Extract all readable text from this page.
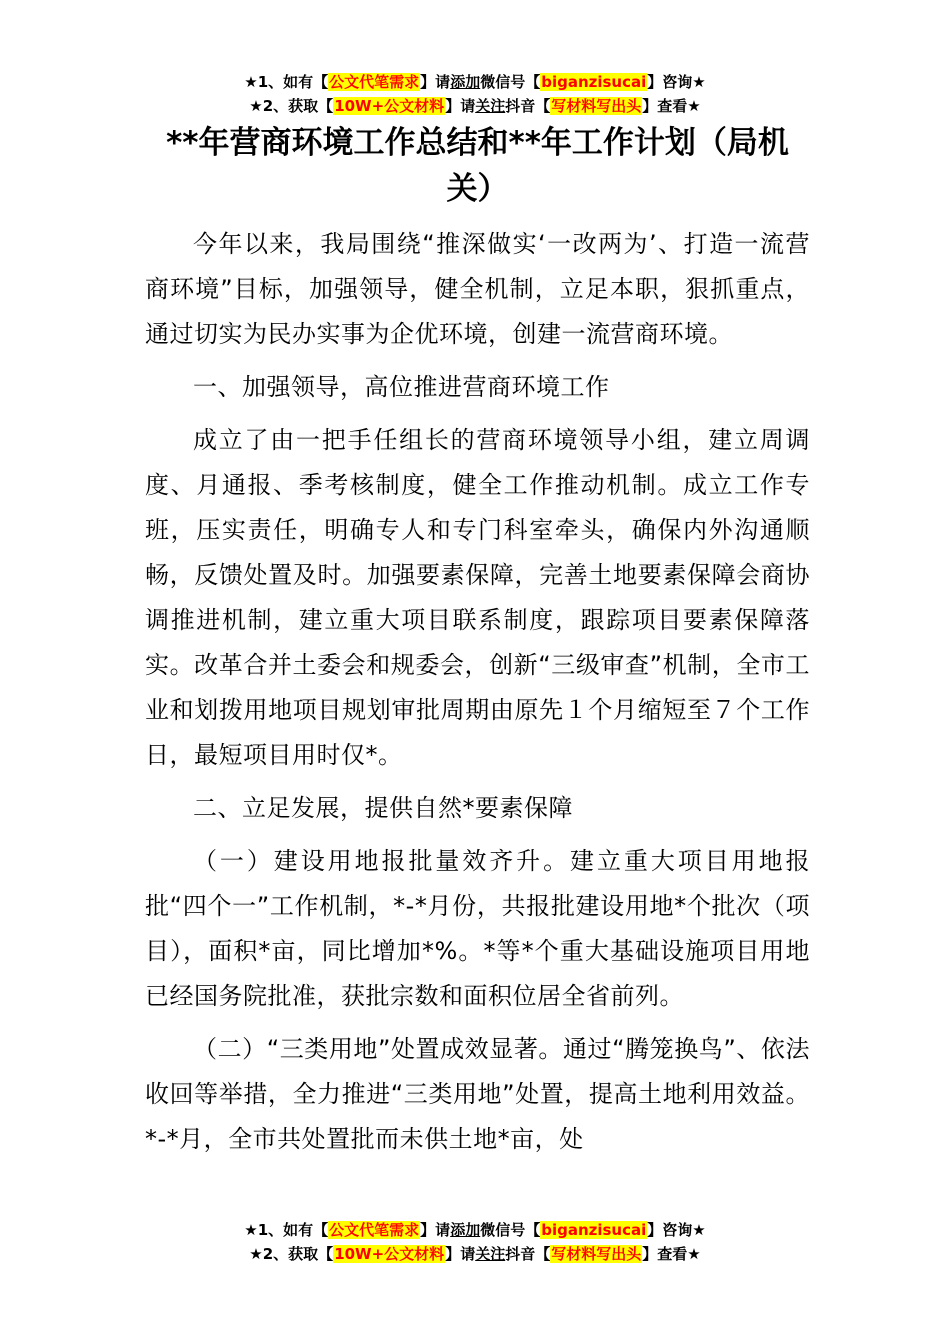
★1、如有【公文代笔需求】请添加微信号【biganzisucai】咨询★
★2、获取【10W+公文材料】请关注抖音【写材料写出头】查看★
**年营商环境工作总结和**年工作计划（局机关）

今年以来，我局围绕“推深做实‘一改两为’、打造一流营商环境”目标，加强领导，健全机制，立足本职，狠抓重点，通过切实为民办实事为企优环境，创建一流营商环境。

一、加强领导，高位推进营商环境工作

成立了由一把手任组长的营商环境领导小组，建立周调度、月通报、季考核制度，健全工作推动机制。成立工作专班，压实责任，明确专人和专门科室牵头，确保内外沟通顺畅，反馈处置及时。加强要素保障，完善土地要素保障会商协调推进机制，建立重大项目联系制度，跟踪项目要素保障落实。改革合并土委会和规委会，创新“三级审查”机制，全市工业和划拨用地项目规划审批周期由原先１个月缩短至７个工作日，最短项目用时仅*。

二、立足发展，提供自然*要素保障

（一）建设用地报批量效齐升。建立重大项目用地报批“四个一”工作机制，*-*月份，共报批建设用地*个批次（项目），面积*亩，同比增加*%。*等*个重大基础设施项目用地已经国务院批准，获批宗数和面积位居全省前列。

（二）“三类用地”处置成效显著。通过“腾笼换鸟”、依法收回等举措，全力推进“三类用地”处置，提高土地利用效益。*-*月，全市共处置批而未供土地*亩，处

★1、如有【公文代笔需求】请添加微信号【biganzisucai】咨询★
★2、获取【10W+公文材料】请关注抖音【写材料写出头】查看★
